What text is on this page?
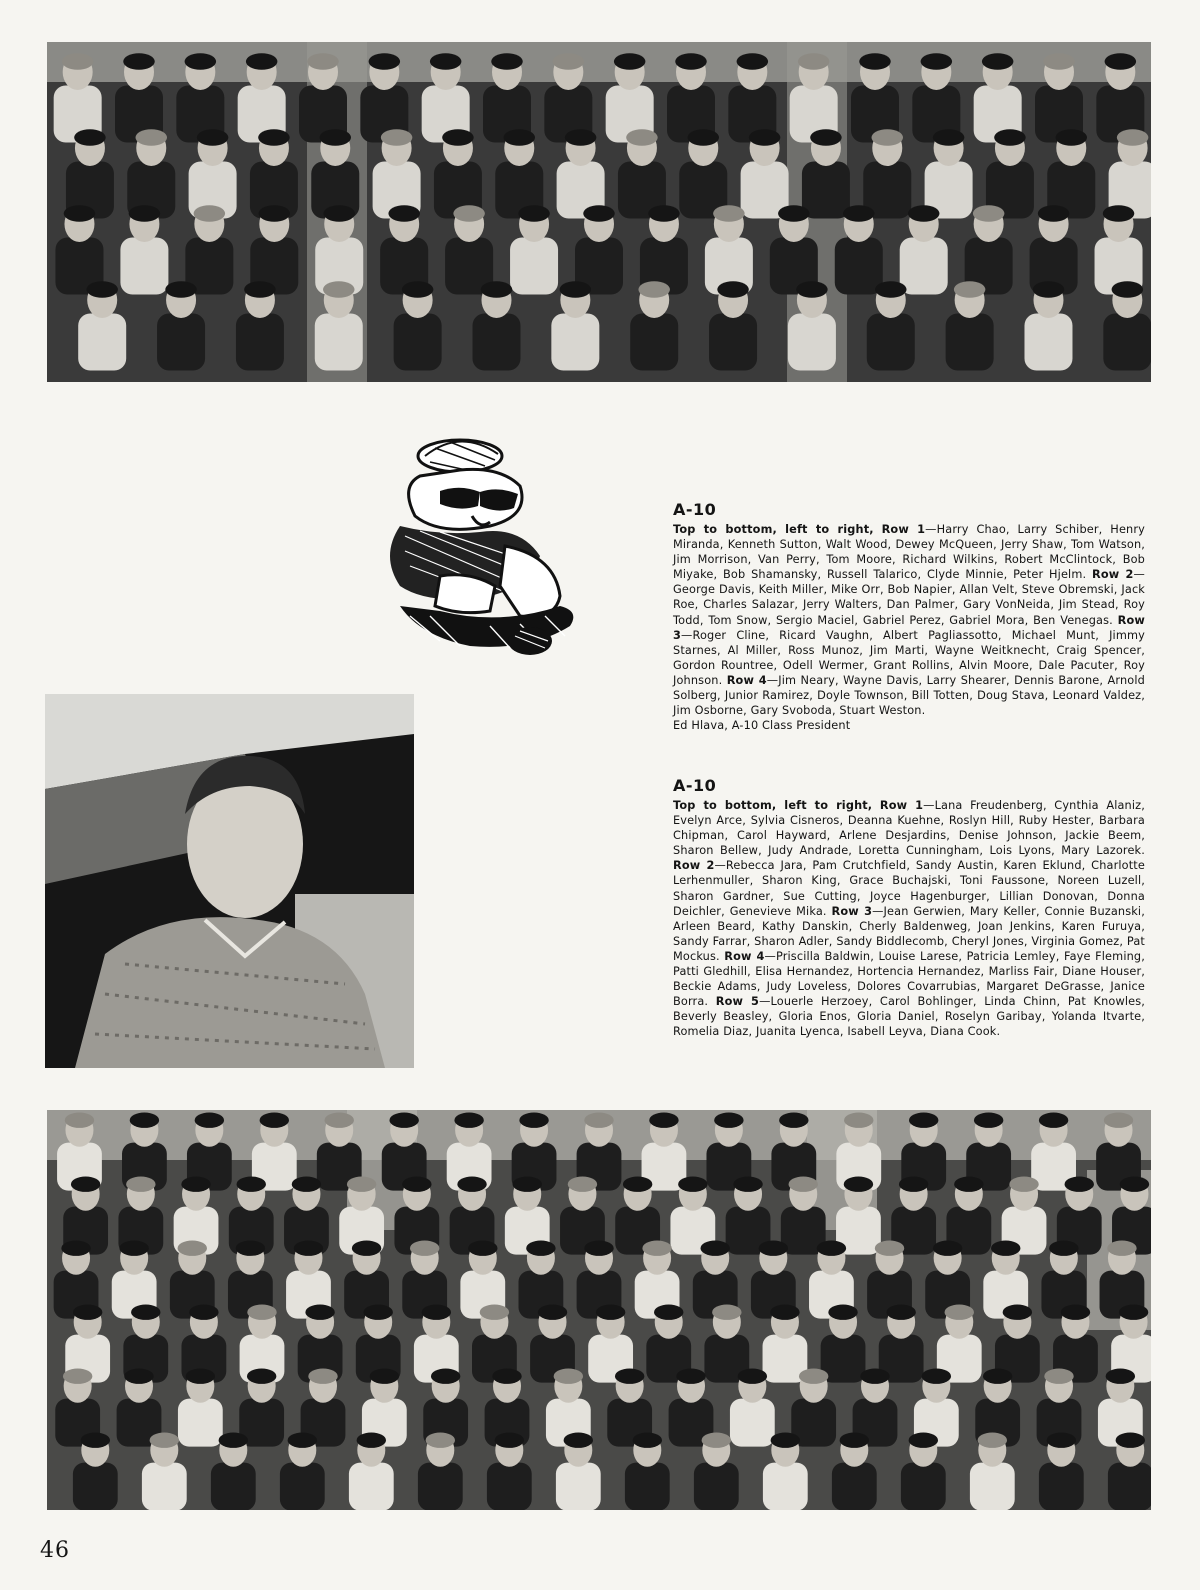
A-10

Top to bottom, left to right, Row 1—Harry Chao, Larry Schiber, Henry Miranda, Kenneth Sutton, Walt Wood, Dewey McQueen, Jerry Shaw, Tom Watson, Jim Morrison, Van Perry, Tom Moore, Richard Wilkins, Robert McClintock, Bob Miyake, Bob Shamansky, Russell Talarico, Clyde Minnie, Peter Hjelm. Row 2—George Davis, Keith Miller, Mike Orr, Bob Napier, Allan Velt, Steve Obremski, Jack Roe, Charles Salazar, Jerry Walters, Dan Palmer, Gary VonNeida, Jim Stead, Roy Todd, Tom Snow, Sergio Maciel, Gabriel Perez, Gabriel Mora, Ben Venegas. Row 3—Roger Cline, Ricard Vaughn, Albert Pagliassotto, Michael Munt, Jimmy Starnes, Al Miller, Ross Munoz, Jim Marti, Wayne Weitknecht, Craig Spencer, Gordon Rountree, Odell Wermer, Grant Rollins, Alvin Moore, Dale Pacuter, Roy Johnson. Row 4—Jim Neary, Wayne Davis, Larry Shearer, Dennis Barone, Arnold Solberg, Junior Ramirez, Doyle Townson, Bill Totten, Doug Stava, Leonard Valdez, Jim Osborne, Gary Svoboda, Stuart Weston.

Ed Hlava, A-10 Class President

A-10

Top to bottom, left to right, Row 1—Lana Freudenberg, Cynthia Alaniz, Evelyn Arce, Sylvia Cisneros, Deanna Kuehne, Roslyn Hill, Ruby Hester, Barbara Chipman, Carol Hayward, Arlene Desjardins, Denise Johnson, Jackie Beem, Sharon Bellew, Judy Andrade, Loretta Cunningham, Lois Lyons, Mary Lazorek. Row 2—Rebecca Jara, Pam Crutchfield, Sandy Austin, Karen Eklund, Charlotte Lerhenmuller, Sharon King, Grace Buchajski, Toni Faussone, Noreen Luzell, Sharon Gardner, Sue Cutting, Joyce Hagenburger, Lillian Donovan, Donna Deichler, Genevieve Mika. Row 3—Jean Gerwien, Mary Keller, Connie Buzanski, Arleen Beard, Kathy Danskin, Cherly Baldenweg, Joan Jenkins, Karen Furuya, Sandy Farrar, Sharon Adler, Sandy Biddlecomb, Cheryl Jones, Virginia Gomez, Pat Mockus. Row 4—Priscilla Baldwin, Louise Larese, Patricia Lemley, Faye Fleming, Patti Gledhill, Elisa Hernandez, Hortencia Hernandez, Marliss Fair, Diane Houser, Beckie Adams, Judy Loveless, Dolores Covarrubias, Margaret DeGrasse, Janice Borra. Row 5—Louerle Herzoey, Carol Bohlinger, Linda Chinn, Pat Knowles, Beverly Beasley, Gloria Enos, Gloria Daniel, Roselyn Garibay, Yolanda Itvarte, Romelia Diaz, Juanita Lyenca, Isabell Leyva, Diana Cook.

46
